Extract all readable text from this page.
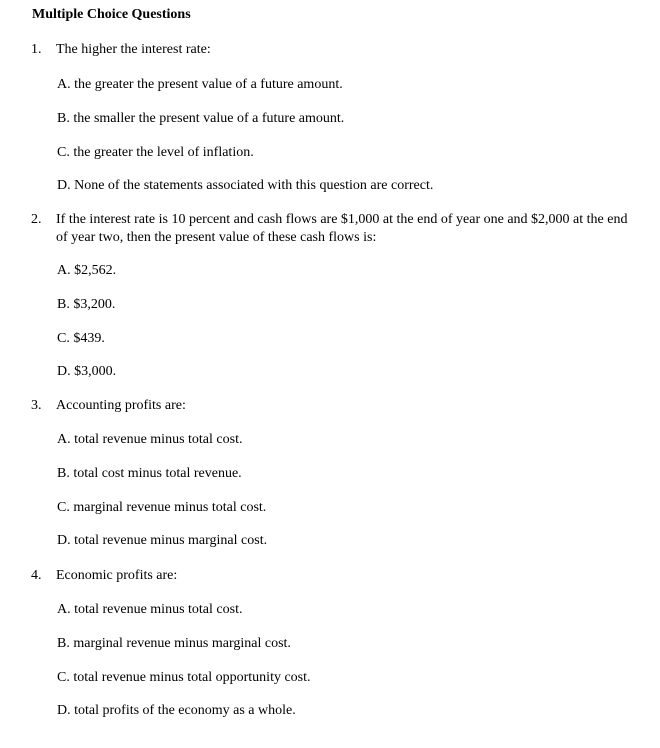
Multiple Choice Questions
1.	The higher the interest rate:
A. the greater the present value of a future amount.
B. the smaller the present value of a future amount.
C. the greater the level of inflation.
D. None of the statements associated with this question are correct.
2.	If the interest rate is 10 percent and cash flows are $1,000 at the end of year one and $2,000 at the end of year two, then the present value of these cash flows is:
A. $2,562.
B. $3,200.
C. $439.
D. $3,000.
3.	Accounting profits are:
A. total revenue minus total cost.
B. total cost minus total revenue.
C. marginal revenue minus total cost.
D. total revenue minus marginal cost.
4.	Economic profits are:
A. total revenue minus total cost.
B. marginal revenue minus marginal cost.
C. total revenue minus total opportunity cost.
D. total profits of the economy as a whole.
